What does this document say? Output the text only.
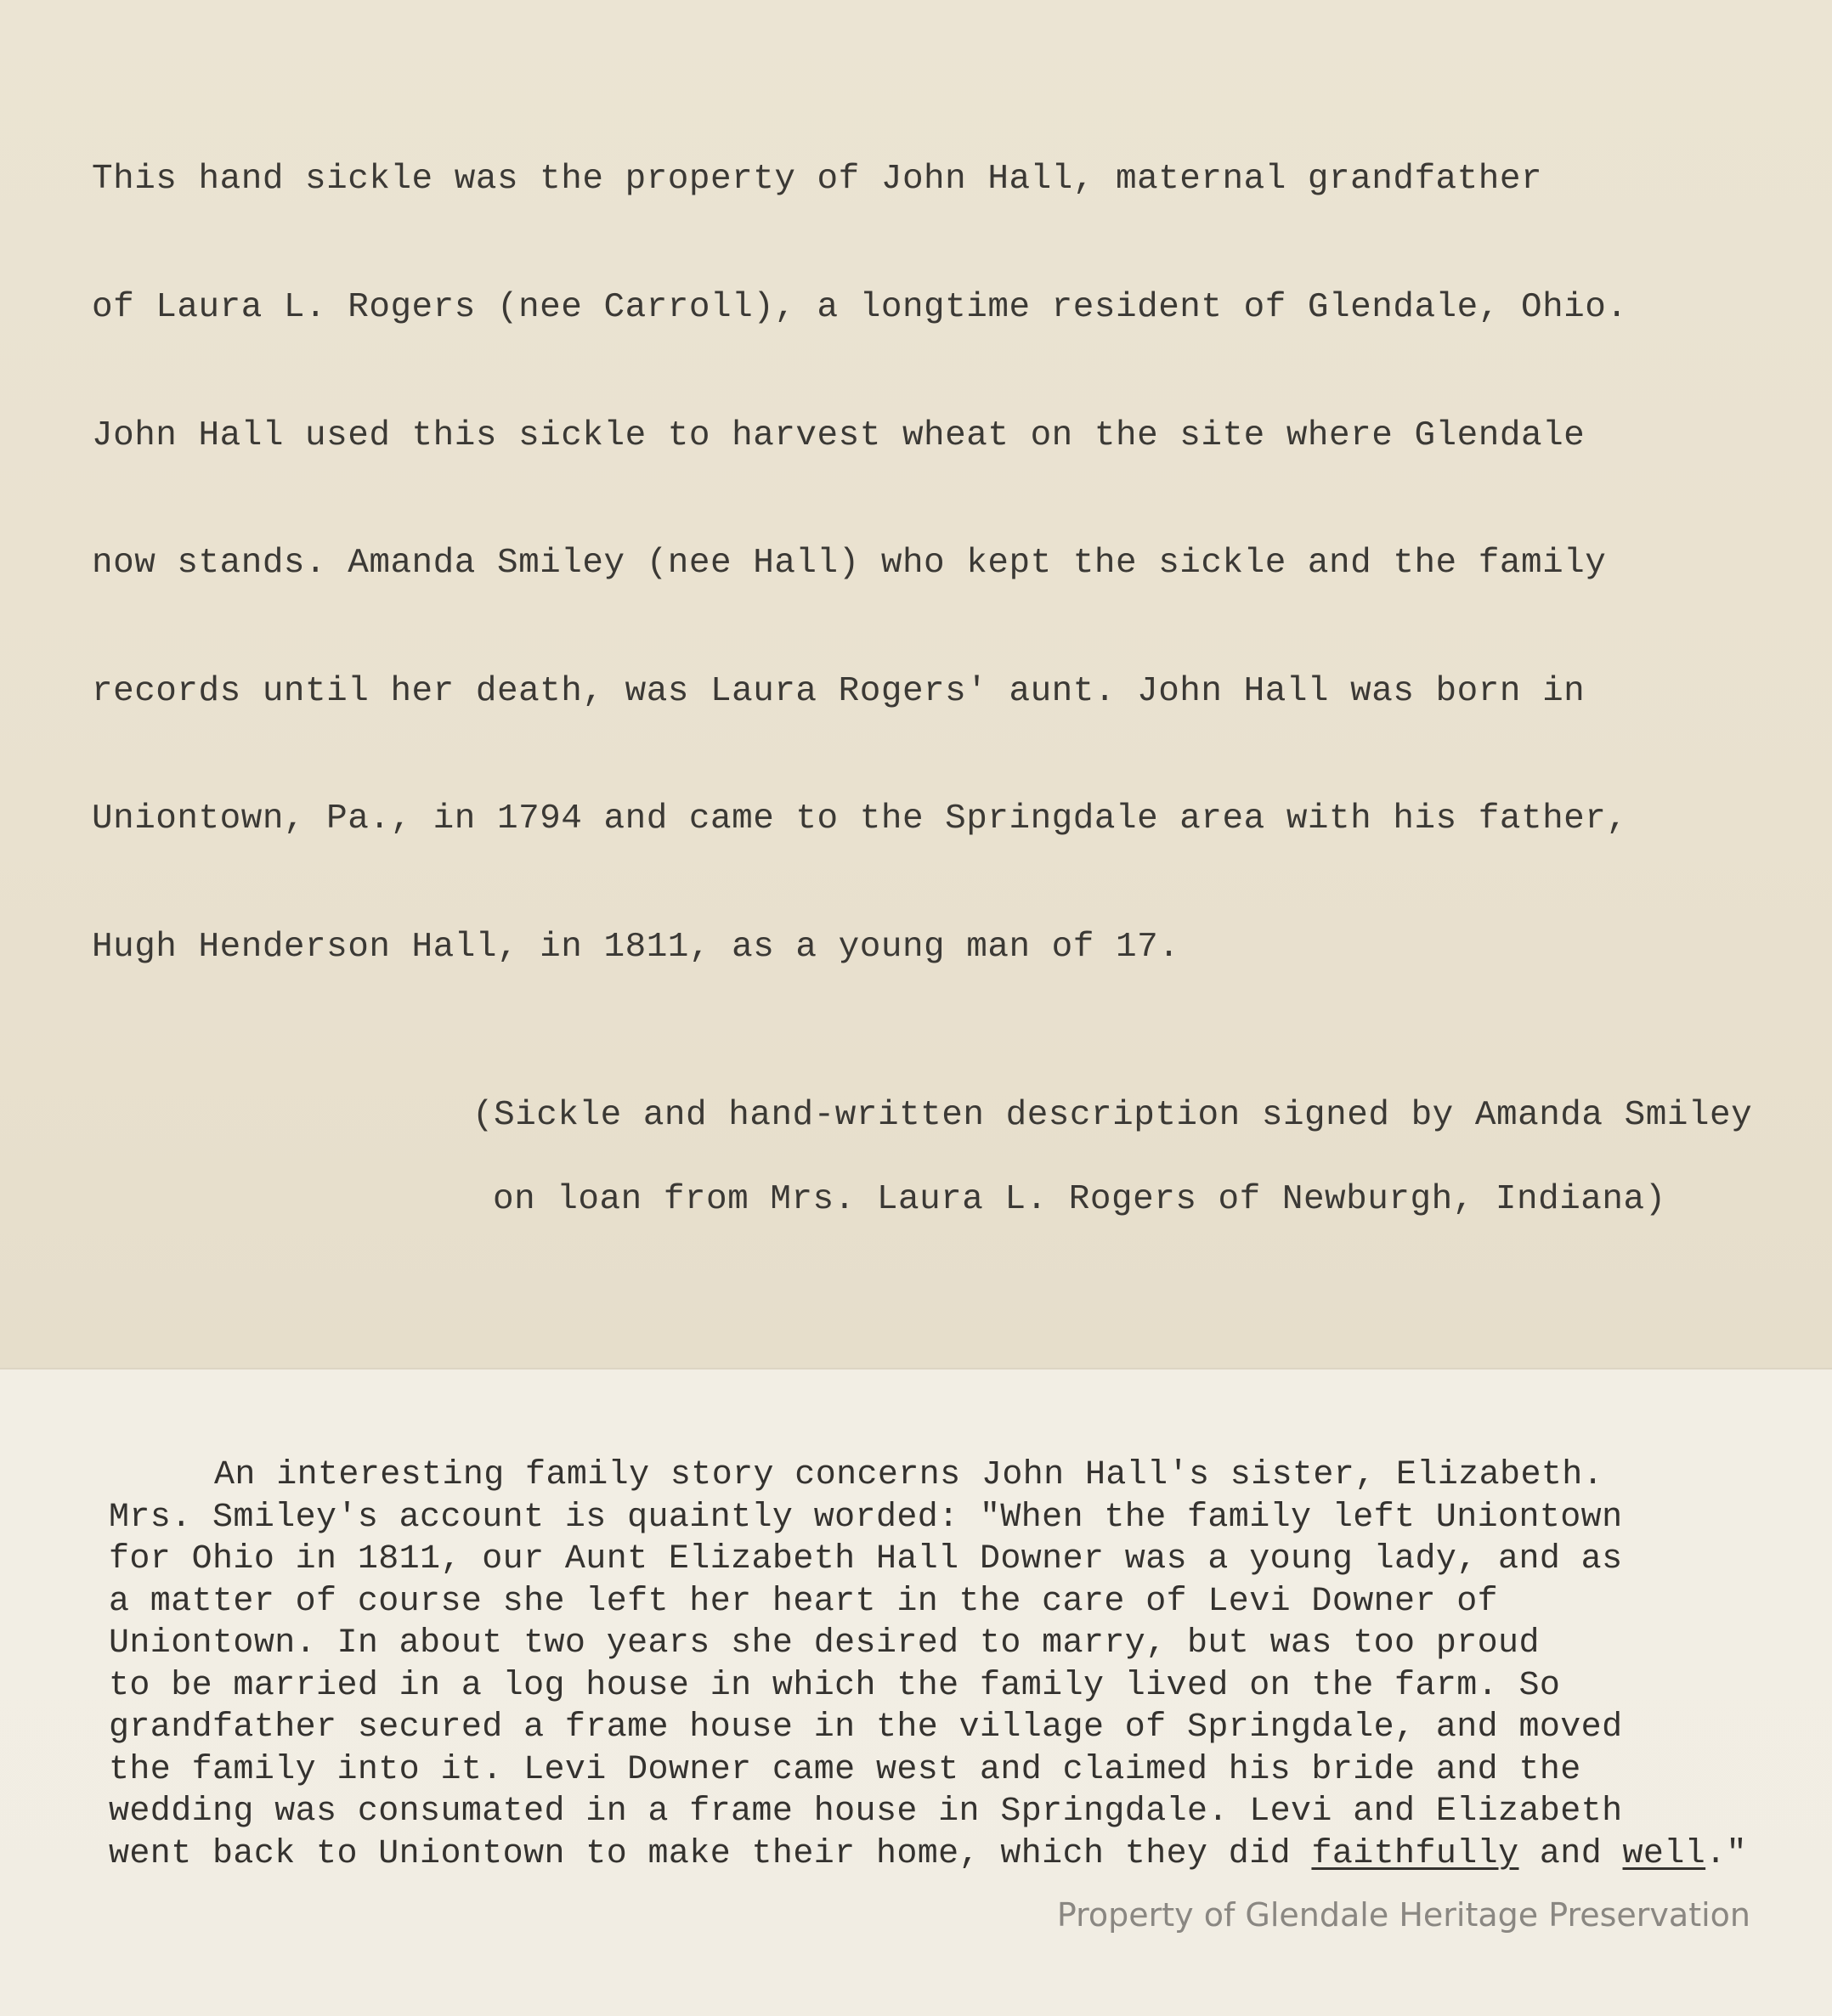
This hand sickle was the property of John Hall, maternal grandfather
of Laura L. Rogers (nee Carroll), a longtime resident of Glendale, Ohio.
John Hall used this sickle to harvest wheat on the site where Glendale
now stands. Amanda Smiley (nee Hall) who kept the sickle and the family
records until her death, was Laura Rogers' aunt. John Hall was born in
Uniontown, Pa., in 1794 and came to the Springdale area with his father,
Hugh Henderson Hall, in 1811, as a young man of 17.
(Sickle and hand-written description signed by Amanda Smiley
on loan from Mrs. Laura L. Rogers of Newburgh, Indiana)
An interesting family story concerns John Hall's sister, Elizabeth.
Mrs. Smiley's account is quaintly worded: "When the family left Uniontown
for Ohio in 1811, our Aunt Elizabeth Hall Downer was a young lady, and as
a matter of course she left her heart in the care of Levi Downer of
Uniontown. In about two years she desired to marry, but was too proud
to be married in a log house in which the family lived on the farm. So
grandfather secured a frame house in the village of Springdale, and moved
the family into it. Levi Downer came west and claimed his bride and the
wedding was consumated in a frame house in Springdale. Levi and Elizabeth
went back to Uniontown to make their home, which they did faithfully and well."
Property of Glendale Heritage Preservation
